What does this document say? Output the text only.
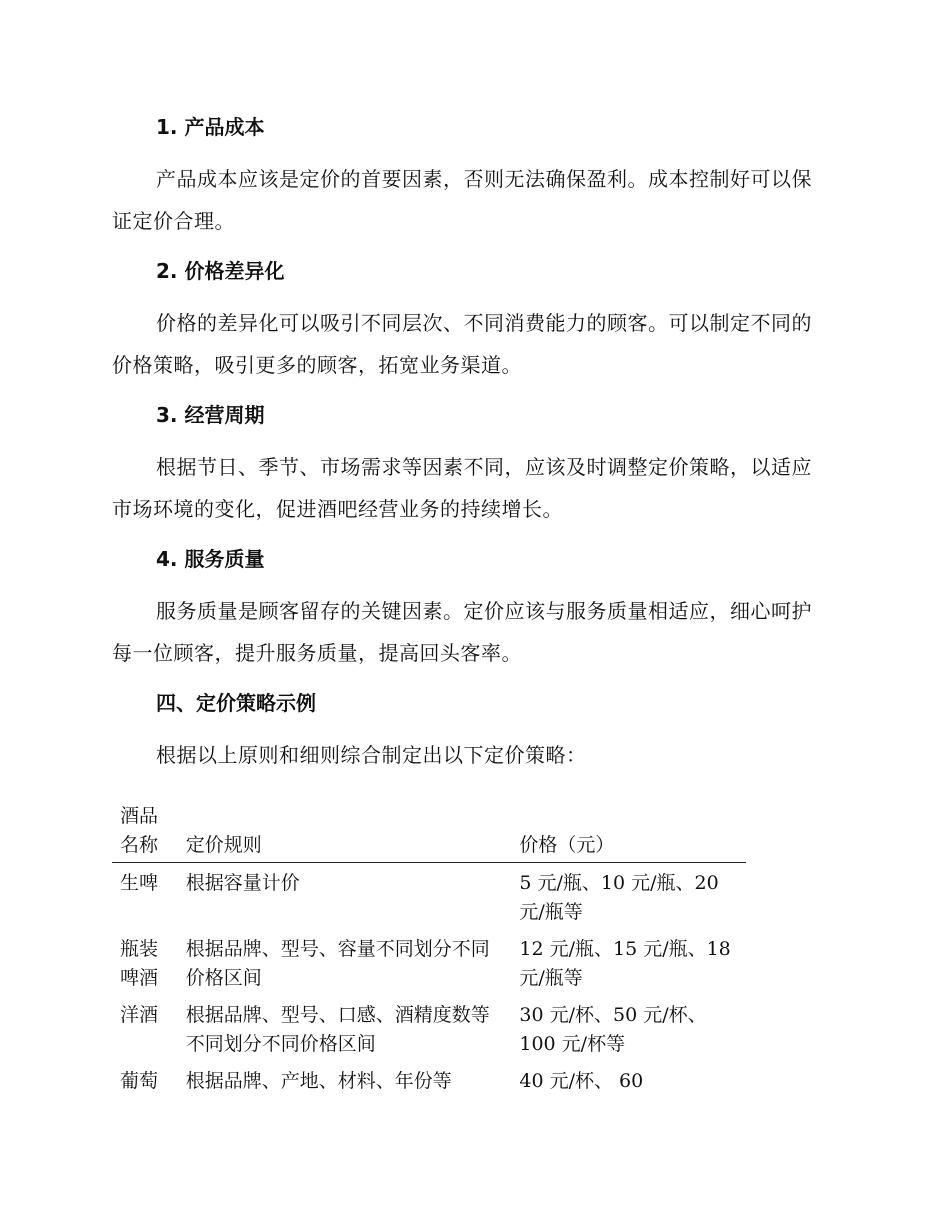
1. 产品成本

产品成本应该是定价的首要因素，否则无法确保盈利。成本控制好可以保证定价合理。

2. 价格差异化

价格的差异化可以吸引不同层次、不同消费能力的顾客。可以制定不同的价格策略，吸引更多的顾客，拓宽业务渠道。

3. 经营周期

根据节日、季节、市场需求等因素不同，应该及时调整定价策略，以适应市场环境的变化，促进酒吧经营业务的持续增长。

4. 服务质量

服务质量是顾客留存的关键因素。定价应该与服务质量相适应，细心呵护每一位顾客，提升服务质量，提高回头客率。

四、定价策略示例

根据以上原则和细则综合制定出以下定价策略：

酒品名称	定价规则	价格（元）
生啤	根据容量计价	5 元/瓶、10 元/瓶、20 元/瓶等
瓶装啤酒	根据品牌、型号、容量不同划分不同价格区间	12 元/瓶、15 元/瓶、18 元/瓶等
洋酒	根据品牌、型号、口感、酒精度数等不同划分不同价格区间	30 元/杯、50 元/杯、100 元/杯等
葡萄	根据品牌、产地、材料、年份等	40 元/杯、 60
